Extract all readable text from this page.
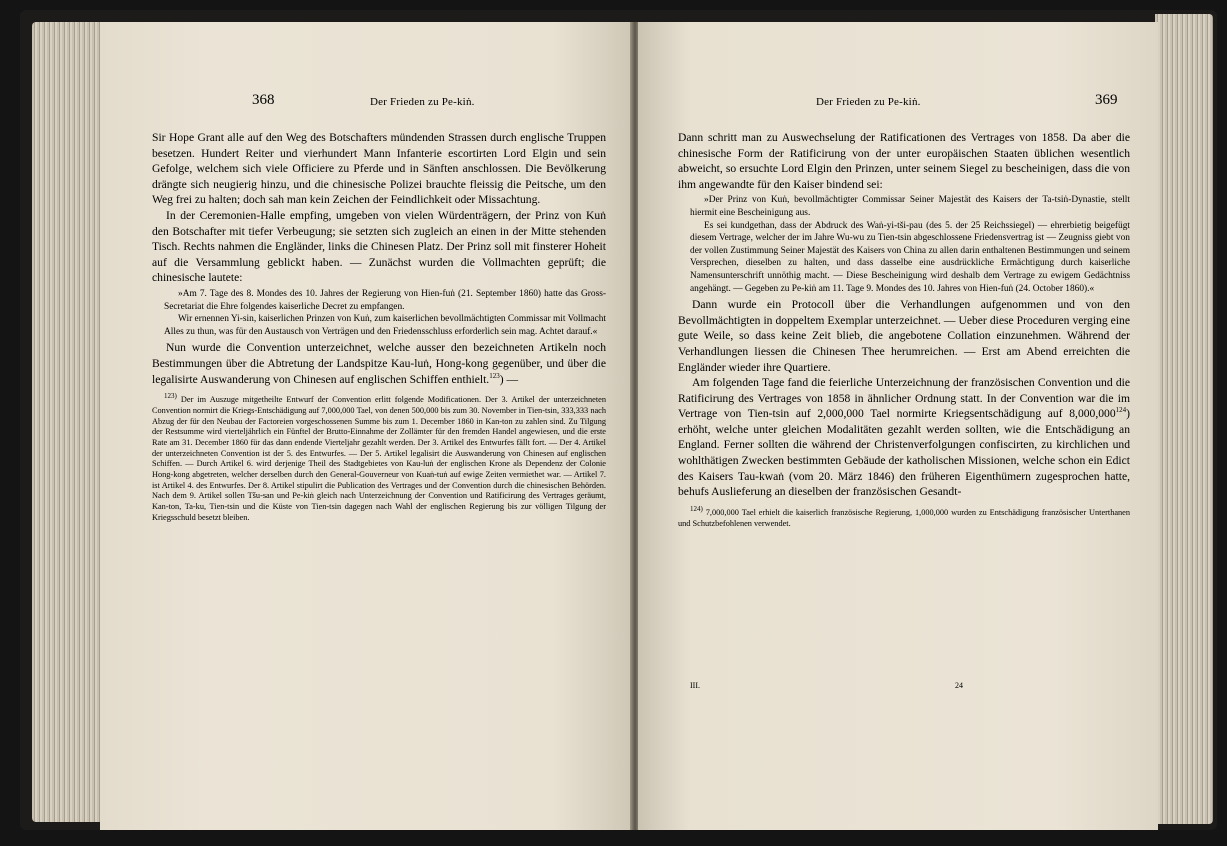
368	Der Frieden zu Pe-kiṅ.

Sir Hope Grant alle auf den Weg des Botschafters mündenden Strassen durch englische Truppen besetzen. Hundert Reiter und vierhundert Mann Infanterie escortirten Lord Elgin und sein Gefolge, welchem sich viele Officiere zu Pferde und in Sänften anschlossen. Die Bevölkerung drängte sich neugierig hinzu, und die chinesische Polizei brauchte fleissig die Peitsche, um den Weg frei zu halten; doch sah man kein Zeichen der Feindlichkeit oder Missachtung.

In der Ceremonien-Halle empfing, umgeben von vielen Würdenträgern, der Prinz von Kuṅ den Botschafter mit tiefer Verbeugung; sie setzten sich zugleich an einen in der Mitte stehenden Tisch. Rechts nahmen die Engländer, links die Chinesen Platz. Der Prinz soll mit finsterer Hoheit auf die Versammlung geblickt haben. — Zunächst wurden die Vollmachten geprüft; die chinesische lautete:

»Am 7. Tage des 8. Mondes des 10. Jahres der Regierung von Hien-fuṅ (21. September 1860) hatte das Gross-Secretariat die Ehre folgendes kaiserliche Decret zu empfangen.

Wir ernennen Yi-sin, kaiserlichen Prinzen von Kuṅ, zum kaiserlichen bevollmächtigten Commissar mit Vollmacht Alles zu thun, was für den Austausch von Verträgen und den Friedensschluss erforderlich sein mag. Achtet darauf.«

Nun wurde die Convention unterzeichnet, welche ausser den bezeichneten Artikeln noch Bestimmungen über die Abtretung der Landspitze Kau-luṅ, Hong-kong gegenüber, und über die legalisirte Auswanderung von Chinesen auf englischen Schiffen enthielt.$^{123}$) —

$^{123)}$ Der im Auszuge mitgetheilte Entwurf der Convention erlitt folgende Modificationen. Der 3. Artikel der unterzeichneten Convention normirt die Kriegs-Entschädigung auf 7,000,000 Tael, von denen 500,000 bis zum 30. November in Tien-tsin, 333,333 nach Abzug der für den Neubau der Factoreien vorgeschossenen Summe bis zum 1. December 1860 in Kan-ton zu zahlen sind. Zu Tilgung der Restsumme wird vierteljährlich ein Fünftel der Brutto-Einnahme der Zollämter für den fremden Handel angewiesen, und die erste Rate am 31. December 1860 für das dann endende Vierteljahr gezahlt werden. Der 3. Artikel des Entwurfes fällt fort. — Der 4. Artikel der unterzeichneten Convention ist der 5. des Entwurfes. — Der 5. Artikel legalisirt die Auswanderung von Chinesen auf englischen Schiffen. — Durch Artikel 6. wird derjenige Theil des Stadtgebietes von Kau-luṅ der englischen Krone als Dependenz der Colonie Hong-kong abgetreten, welcher derselben durch den General-Gouverneur von Kuaṅ-tuṅ auf ewige Zeiten vermiethet war. — Artikel 7. ist Artikel 4. des Entwurfes. Der 8. Artikel stipulirt die Publication des Vertrages und der Convention durch die chinesischen Behörden. Nach dem 9. Artikel sollen Tšu-san und Pe-kiṅ gleich nach Unterzeichnung der Convention und Ratificirung des Vertrages geräumt, Kan-ton, Ta-ku, Tien-tsin und die Küste von Tien-tsin dagegen nach Wahl der englischen Regierung bis zur völligen Tilgung der Kriegsschuld besetzt bleiben.

Der Frieden zu Pe-kiṅ.	369

Dann schritt man zu Auswechselung der Ratificationen des Vertrages von 1858. Da aber die chinesische Form der Ratificirung von der unter europäischen Staaten üblichen wesentlich abweicht, so ersuchte Lord Elgin den Prinzen, unter seinem Siegel zu bescheinigen, dass die von ihm angewandte für den Kaiser bindend sei:

»Der Prinz von Kuṅ, bevollmächtigter Commissar Seiner Majestät des Kaisers der Ta-tsiṅ-Dynastie, stellt hiermit eine Bescheinigung aus.

Es sei kundgethan, dass der Abdruck des Waṅ-yi-tši-pau (des 5. der 25 Reichssiegel) — ehrerbietig beigefügt diesem Vertrage, welcher der im Jahre Wu-wu zu Tien-tsin abgeschlossene Friedensvertrag ist — Zeugniss giebt von der vollen Zustimmung Seiner Majestät des Kaisers von China zu allen darin enthaltenen Bestimmungen und seinem Versprechen, dieselben zu halten, und dass dasselbe eine ausdrückliche Ermächtigung durch kaiserliche Namensunterschrift unnöthig macht. — Diese Bescheinigung wird deshalb dem Vertrage zu ewigem Gedächtniss angehängt. — Gegeben zu Pe-kiṅ am 11. Tage 9. Mondes des 10. Jahres von Hien-fuṅ (24. October 1860).«

Dann wurde ein Protocoll über die Verhandlungen aufgenommen und von den Bevollmächtigten in doppeltem Exemplar unterzeichnet. — Ueber diese Proceduren verging eine gute Weile, so dass keine Zeit blieb, die angebotene Collation einzunehmen. Während der Verhandlungen liessen die Chinesen Thee herumreichen. — Erst am Abend erreichten die Engländer wieder ihre Quartiere.

Am folgenden Tage fand die feierliche Unterzeichnung der französischen Convention und die Ratificirung des Vertrages von 1858 in ähnlicher Ordnung statt. In der Convention war die im Vertrage von Tien-tsin auf 2,000,000 Tael normirte Kriegsentschädigung auf 8,000,000$^{124}$) erhöht, welche unter gleichen Modalitäten gezahlt werden sollten, wie die Entschädigung an England. Ferner sollten die während der Christenverfolgungen confiscirten, zu kirchlichen und wohlthätigen Zwecken bestimmten Gebäude der katholischen Missionen, welche schon ein Edict des Kaisers Tau-kwaṅ (vom 20. März 1846) den früheren Eigenthümern zugesprochen hatte, behufs Auslieferung an dieselben der französischen Gesandt-

$^{124)}$ 7,000,000 Tael erhielt die kaiserlich französische Regierung, 1,000,000 wurden zu Entschädigung französischer Unterthanen und Schutzbefohlenen verwendet.

III.	24
